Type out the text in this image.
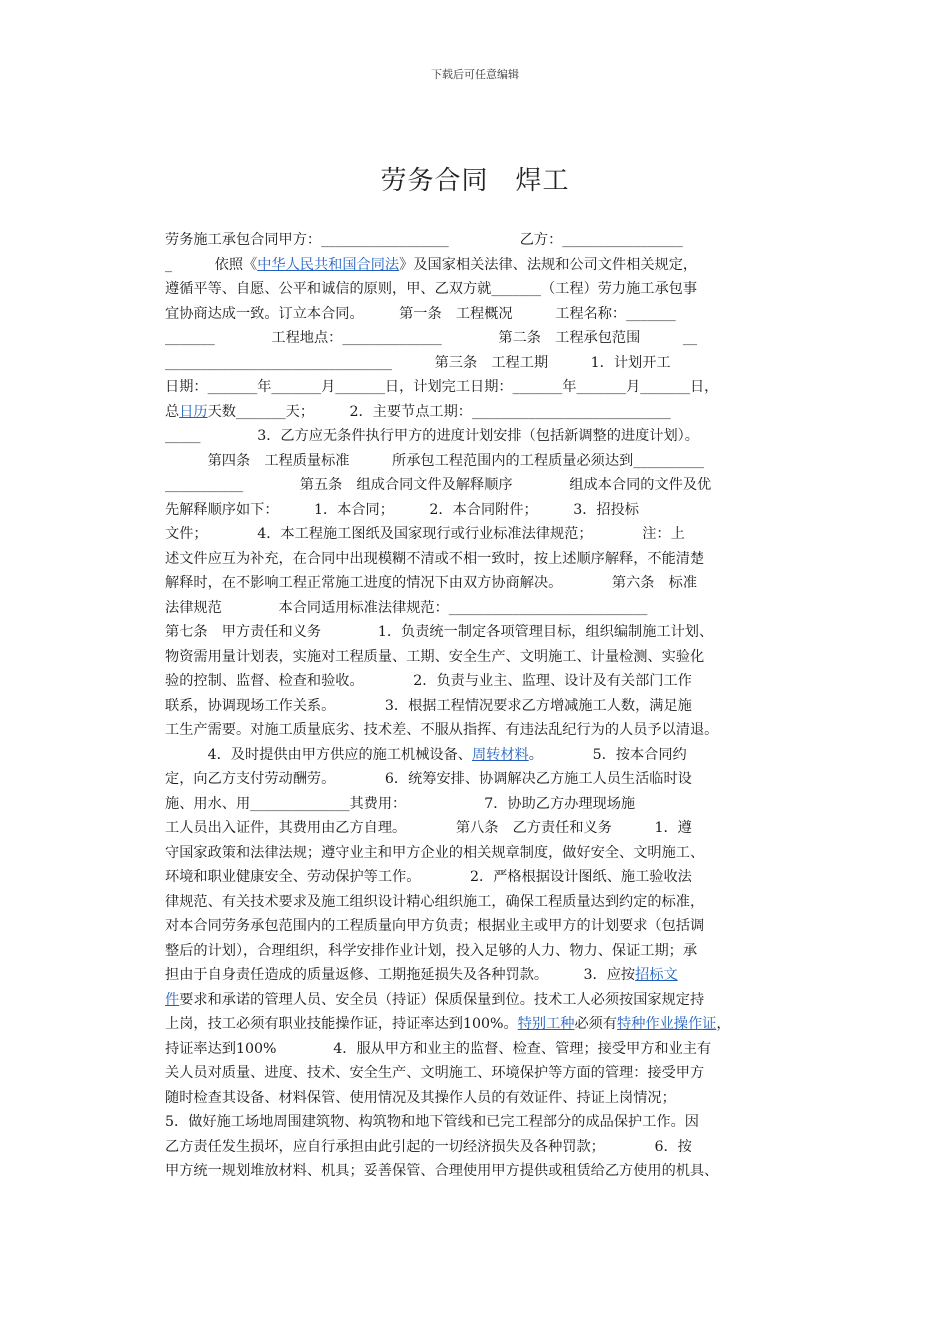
下载后可任意编辑
劳务合同　焊工
劳务施工承包合同甲方：__________________　　　　　乙方：_________________
_　　　依照《中华人民共和国合同法》及国家相关法律、法规和公司文件相关规定，
遵循平等、自愿、公平和诚信的原则，甲、乙双方就_______（工程）劳力施工承包事
宜协商达成一致。订立本合同。　　　第一条　工程概况　　　工程名称：_______
_______　　　　工程地点：______________　　　　第二条　工程承包范围　　　__
________________________________　　　第三条　工程工期　　　1．计划开工
日期：_______年_______月_______日，计划完工日期：_______年_______月_______日，
总日历天数_______天；　　　2．主要节点工期：____________________________
_____　　　　3．乙方应无条件执行甲方的进度计划安排（包括新调整的进度计划）。
　　　第四条　工程质量标准　　　所承包工程范围内的工程质量必须达到__________
___________　　　　第五条　组成合同文件及解释顺序　　　　组成本合同的文件及优
先解释顺序如下：　　　1．本合同；　　　2．本合同附件；　　　3．招投标
文件；　　　　4．本工程施工图纸及国家现行或行业标准法律规范；　　　　注：上
述文件应互为补充，在合同中出现模糊不清或不相一致时，按上述顺序解释，不能清楚
解释时，在不影响工程正常施工进度的情况下由双方协商解决。　　　　第六条　标准
法律规范　　　　本合同适用标准法律规范：____________________________
第七条　甲方责任和义务　　　　1．负责统一制定各项管理目标，组织编制施工计划、
物资需用量计划表，实施对工程质量、工期、安全生产、文明施工、计量检测、实验化
验的控制、监督、检查和验收。　　　　2．负责与业主、监理、设计及有关部门工作
联系，协调现场工作关系。　　　　3．根据工程情况要求乙方增减施工人数，满足施
工生产需要。对施工质量底劣、技术差、不服从指挥、有违法乱纪行为的人员予以清退。
　　　4．及时提供由甲方供应的施工机械设备、周转材料。　　　　5．按本合同约
定，向乙方支付劳动酬劳。　　　　6．统筹安排、协调解决乙方施工人员生活临时设
施、用水、用______________其费用：　　　　　　7．协助乙方办理现场施
工人员出入证件，其费用由乙方自理。　　　　第八条　乙方责任和义务　　　1．遵
守国家政策和法律法规；遵守业主和甲方企业的相关规章制度，做好安全、文明施工、
环境和职业健康安全、劳动保护等工作。　　　　2．严格根据设计图纸、施工验收法
律规范、有关技术要求及施工组织设计精心组织施工，确保工程质量达到约定的标准，
对本合同劳务承包范围内的工程质量向甲方负责；根据业主或甲方的计划要求（包括调
整后的计划），合理组织，科学安排作业计划，投入足够的人力、物力、保证工期；承
担由于自身责任造成的质量返修、工期拖延损失及各种罚款。　　　3．应按招标文
件要求和承诺的管理人员、安全员（持证）保质保量到位。技术工人必须按国家规定持
上岗，技工必须有职业技能操作证，持证率达到100%。特别工种必须有特种作业操作证，
持证率达到100%　　　　4．服从甲方和业主的监督、检查、管理；接受甲方和业主有
关人员对质量、进度、技术、安全生产、文明施工、环境保护等方面的管理：接受甲方
随时检查其设备、材料保管、使用情况及其操作人员的有效证件、持证上岗情况；
5．做好施工场地周围建筑物、构筑物和地下管线和已完工程部分的成品保护工作。因
乙方责任发生损坏，应自行承担由此引起的一切经济损失及各种罚款；　　　　6．按
甲方统一规划堆放材料、机具；妥善保管、合理使用甲方提供或租赁给乙方使用的机具、
